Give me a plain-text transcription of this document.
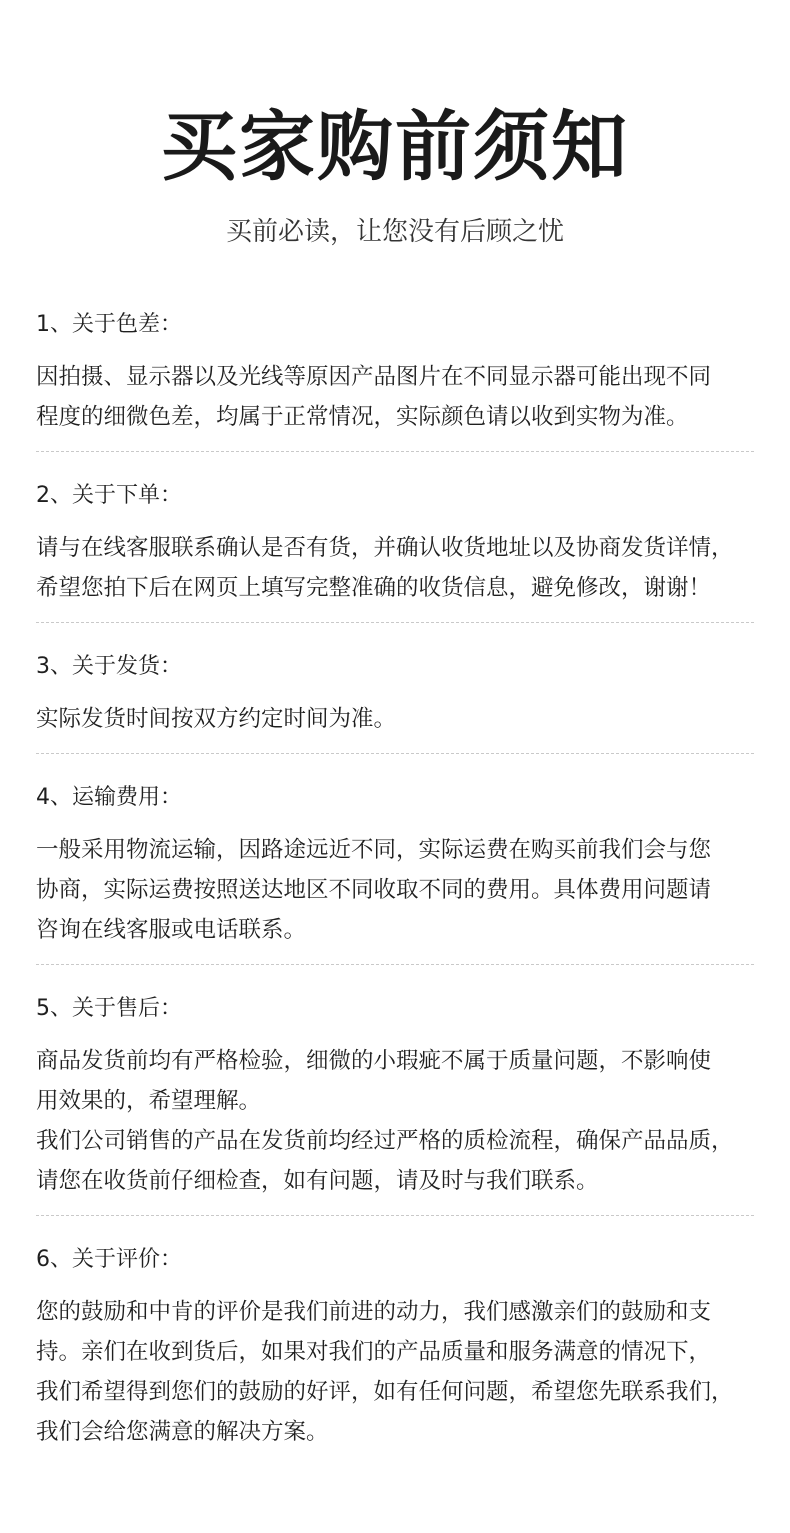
买家购前须知

买前必读，让您没有后顾之忧

1、关于色差：

因拍摄、显示器以及光线等原因产品图片在不同显示器可能出现不同
程度的细微色差，均属于正常情况，实际颜色请以收到实物为准。

2、关于下单：

请与在线客服联系确认是否有货，并确认收货地址以及协商发货详情，
希望您拍下后在网页上填写完整准确的收货信息，避免修改，谢谢！

3、关于发货：

实际发货时间按双方约定时间为准。

4、运输费用：

一般采用物流运输，因路途远近不同，实际运费在购买前我们会与您
协商，实际运费按照送达地区不同收取不同的费用。具体费用问题请
咨询在线客服或电话联系。

5、关于售后：

商品发货前均有严格检验，细微的小瑕疵不属于质量问题，不影响使
用效果的，希望理解。

我们公司销售的产品在发货前均经过严格的质检流程，确保产品品质，
请您在收货前仔细检查，如有问题，请及时与我们联系。

6、关于评价：

您的鼓励和中肯的评价是我们前进的动力，我们感激亲们的鼓励和支
持。亲们在收到货后，如果对我们的产品质量和服务满意的情况下，
我们希望得到您们的鼓励的好评，如有任何问题，希望您先联系我们，
我们会给您满意的解决方案。
